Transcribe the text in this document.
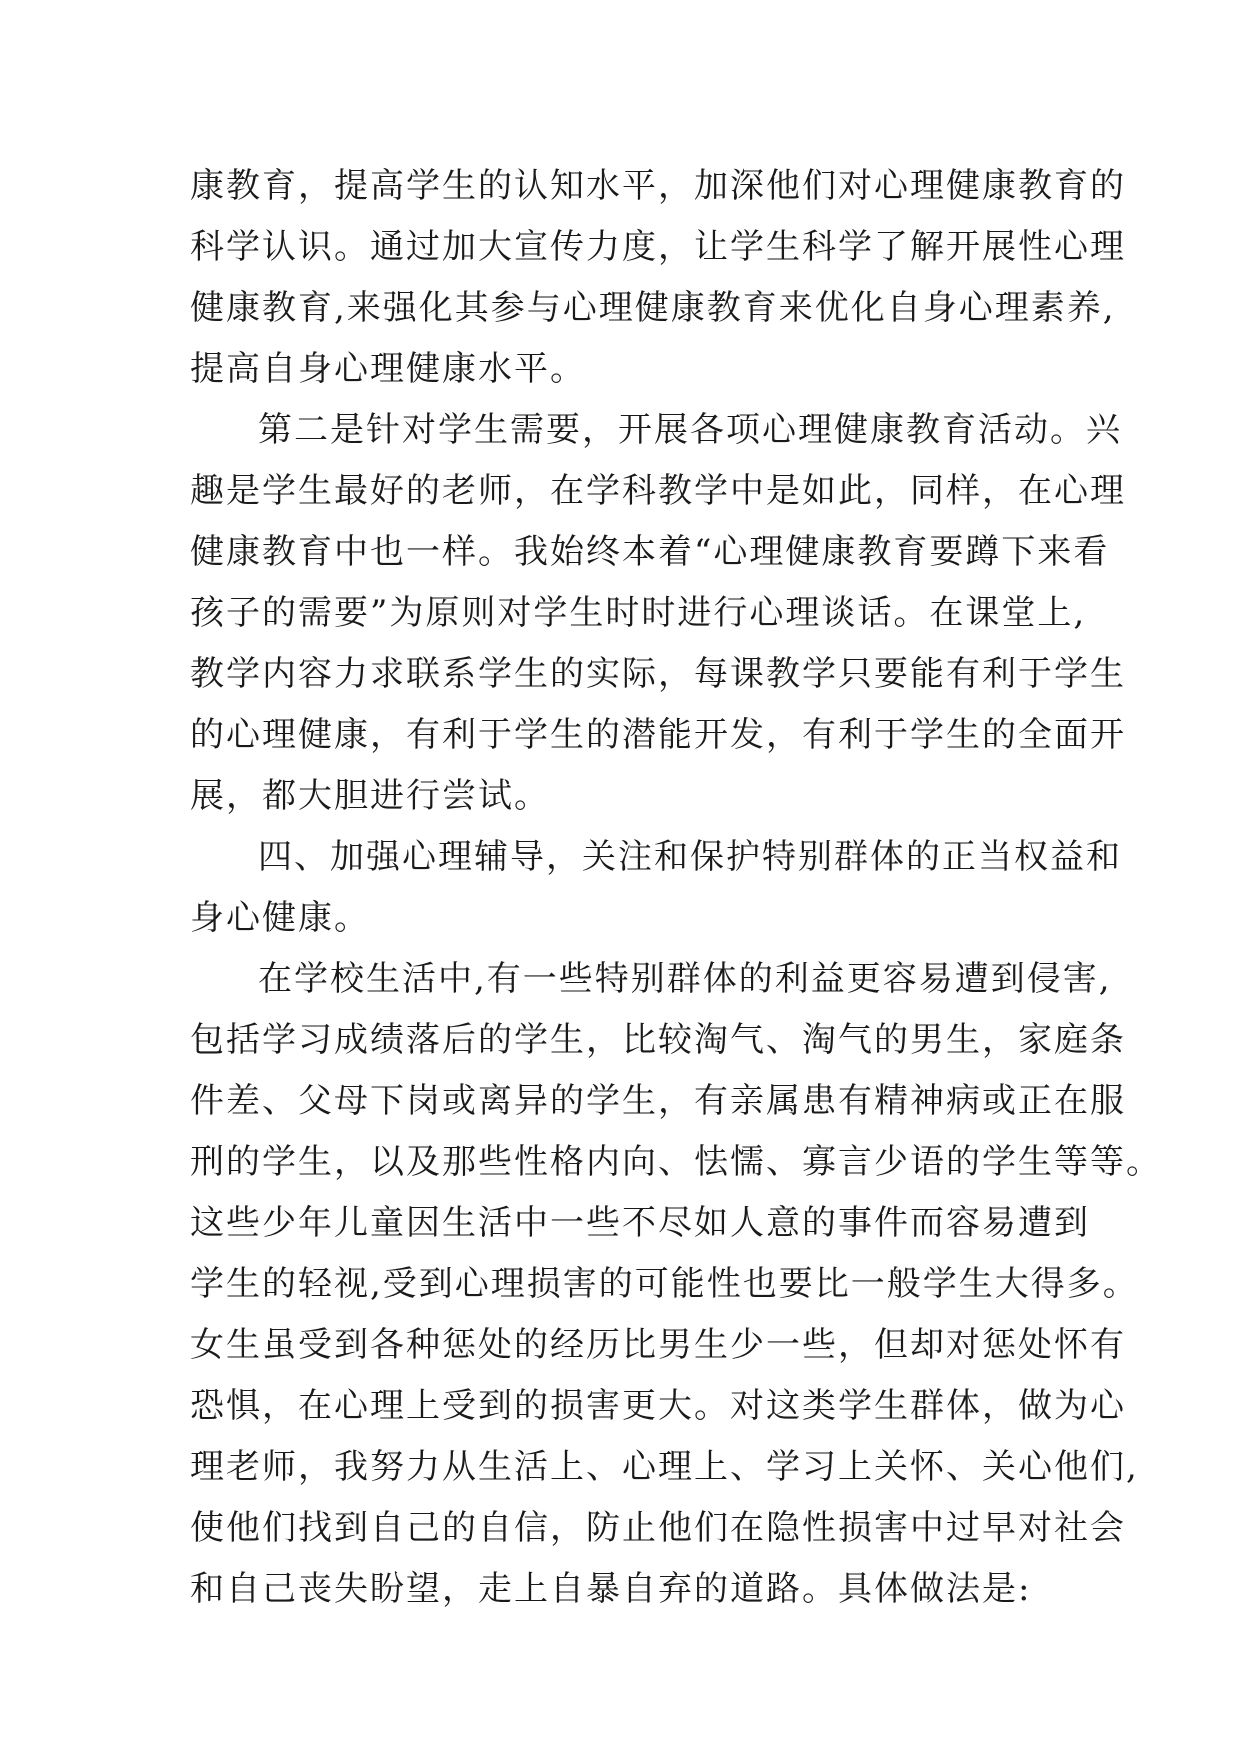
康教育，提高学生的认知水平，加深他们对心理健康教育的
科学认识。通过加大宣传力度，让学生科学了解开展性心理
健康教育,来强化其参与心理健康教育来优化自身心理素养,
提高自身心理健康水平。
第二是针对学生需要，开展各项心理健康教育活动。兴
趣是学生最好的老师，在学科教学中是如此，同样，在心理
健康教育中也一样。我始终本着“心理健康教育要蹲下来看
孩子的需要”为原则对学生时时进行心理谈话。在课堂上,
教学内容力求联系学生的实际，每课教学只要能有利于学生
的心理健康，有利于学生的潜能开发，有利于学生的全面开
展，都大胆进行尝试。
四、加强心理辅导，关注和保护特别群体的正当权益和
身心健康。
在学校生活中,有一些特别群体的利益更容易遭到侵害,
包括学习成绩落后的学生，比较淘气、淘气的男生，家庭条
件差、父母下岗或离异的学生，有亲属患有精神病或正在服
刑的学生，以及那些性格内向、怯懦、寡言少语的学生等等。
这些少年儿童因生活中一些不尽如人意的事件而容易遭到
学生的轻视,受到心理损害的可能性也要比一般学生大得多。
女生虽受到各种惩处的经历比男生少一些，但却对惩处怀有
恐惧，在心理上受到的损害更大。对这类学生群体，做为心
理老师，我努力从生活上、心理上、学习上关怀、关心他们,
使他们找到自己的自信，防止他们在隐性损害中过早对社会
和自己丧失盼望，走上自暴自弃的道路。具体做法是:
